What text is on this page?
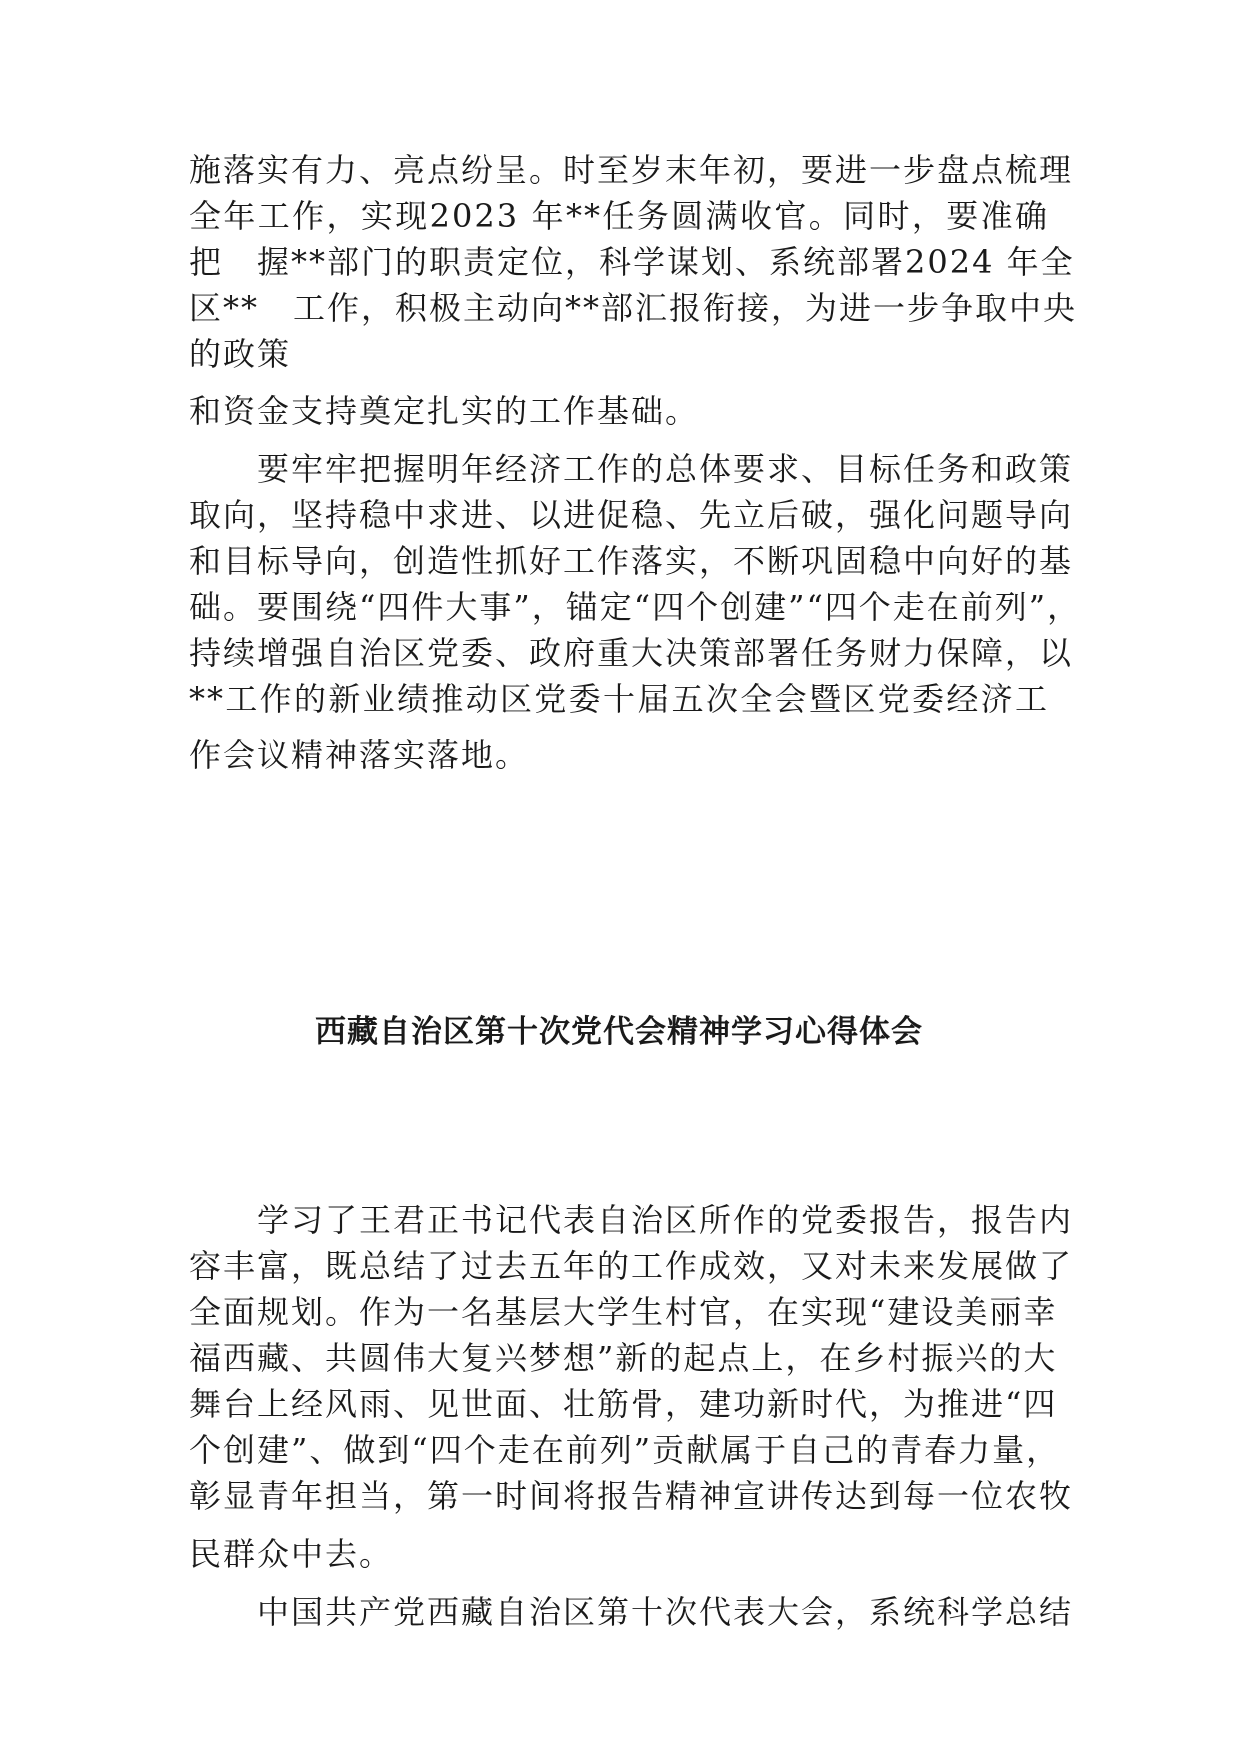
施落实有力、亮点纷呈。时至岁末年初，要进一步盘点梳理
全年工作，实现2023 年**任务圆满收官。同时，要准确
把　握**部门的职责定位，科学谋划、系统部署2024 年全
区**　工作，积极主动向**部汇报衔接，为进一步争取中央
的政策
和资金支持奠定扎实的工作基础。
要牢牢把握明年经济工作的总体要求、目标任务和政策
取向，坚持稳中求进、以进促稳、先立后破，强化问题导向
和目标导向，创造性抓好工作落实，不断巩固稳中向好的基
础。要围绕“四件大事”，锚定“四个创建”“四个走在前列”，
持续增强自治区党委、政府重大决策部署任务财力保障，以
**工作的新业绩推动区党委十届五次全会暨区党委经济工
作会议精神落实落地。
西藏自治区第十次党代会精神学习心得体会
学习了王君正书记代表自治区所作的党委报告，报告内
容丰富，既总结了过去五年的工作成效，又对未来发展做了
全面规划。作为一名基层大学生村官，在实现“建设美丽幸
福西藏、共圆伟大复兴梦想”新的起点上，在乡村振兴的大
舞台上经风雨、见世面、壮筋骨，建功新时代，为推进“四
个创建”、做到“四个走在前列”贡献属于自己的青春力量，
彰显青年担当，第一时间将报告精神宣讲传达到每一位农牧
民群众中去。
中国共产党西藏自治区第十次代表大会，系统科学总结
